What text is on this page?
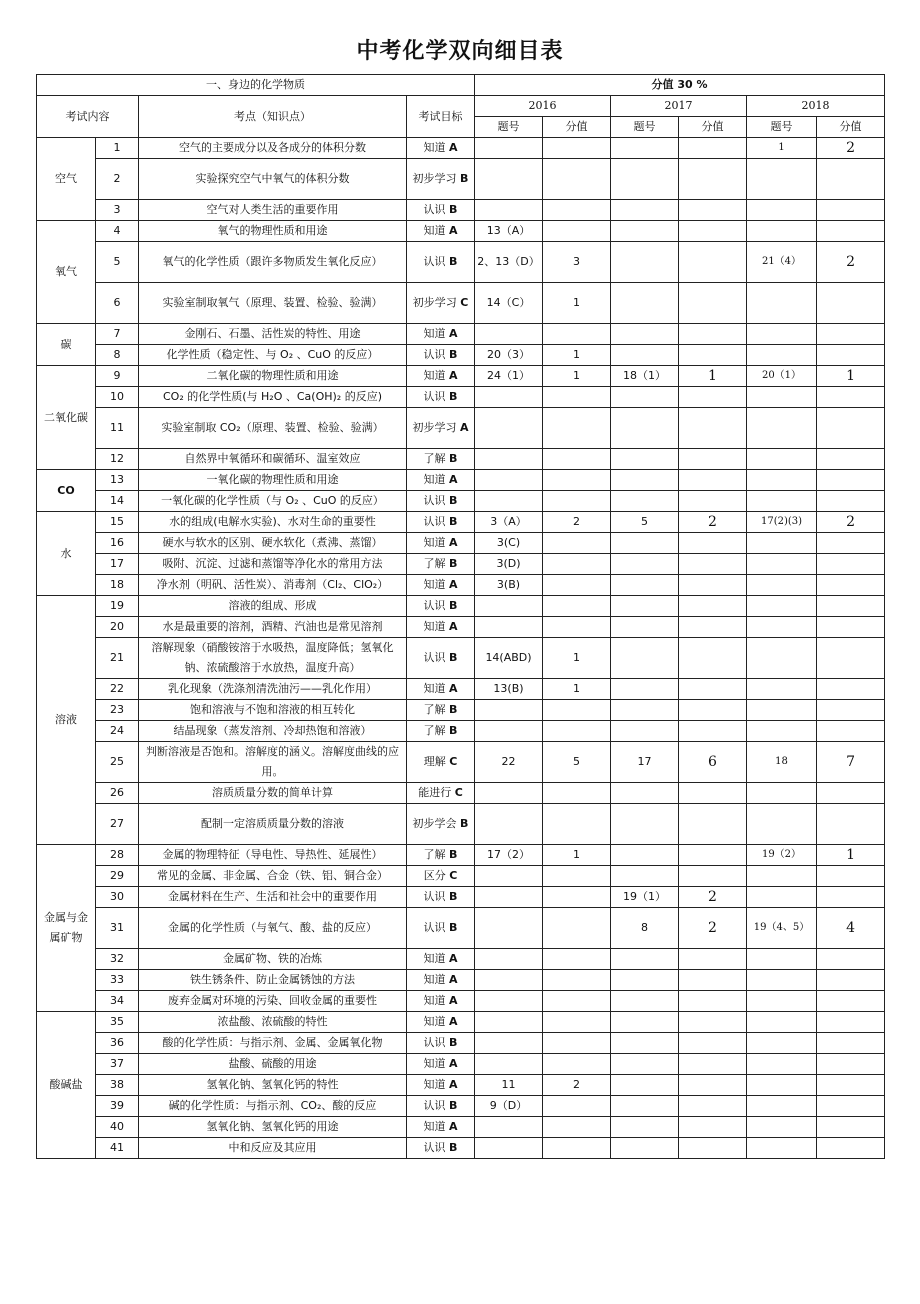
中考化学双向细目表
一、身边的化学物质				分值 30 %					
考试内容		考点（知识点）	考试目标	2016		2017		2018	
				题号	分值	题号	分值	题号	分值
空气	1	空气的主要成分以及各成分的体积分数	知道 A					1	2
	2	实验探究空气中氧气的体积分数	初步学习 B						
	3	空气对人类生活的重要作用	认识 B						
氧气	4	氧气的物理性质和用途	知道 A	13（A）					
	5	氧气的化学性质（跟许多物质发生氧化反应）	认识 B	2、13（D）	3			21（4）	2
	6	实验室制取氧气（原理、装置、检验、验满）	初步学习 C	14（C）	1				
碳	7	金刚石、石墨、活性炭的特性、用途	知道 A						
	8	化学性质（稳定性、与 O₂ 、CuO 的反应）	认识 B	20（3）	1				
二氧化碳	9	二氧化碳的物理性质和用途	知道 A	24（1）	1	18（1）	1	20（1）	1
	10	CO₂ 的化学性质(与 H₂O 、Ca(OH)₂ 的反应)	认识 B						
	11	实验室制取 CO₂（原理、装置、检验、验满）	初步学习 A						
	12	自然界中氧循环和碳循环、温室效应	了解 B						
CO	13	一氧化碳的物理性质和用途	知道 A						
	14	一氧化碳的化学性质（与 O₂ 、CuO 的反应）	认识 B						
水	15	水的组成(电解水实验)、水对生命的重要性	认识 B	3（A）	2	5	2	17(2)(3)	2
	16	硬水与软水的区别、硬水软化（煮沸、蒸馏）	知道 A	3(C)					
	17	吸附、沉淀、过滤和蒸馏等净化水的常用方法	了解 B	3(D)					
	18	净水剂（明矾、活性炭）、消毒剂（Cl₂、ClO₂）	知道 A	3(B)					
溶液	19	溶液的组成、形成	认识 B						
	20	水是最重要的溶剂，酒精、汽油也是常见溶剂	知道 A						
	21	溶解现象（硝酸铵溶于水吸热，温度降低；氢氧化钠、浓硫酸溶于水放热，温度升高）	认识 B	14(ABD)	1				
	22	乳化现象（洗涤剂清洗油污——乳化作用）	知道 A	13(B)	1				
	23	饱和溶液与不饱和溶液的相互转化	了解 B						
	24	结晶现象（蒸发溶剂、冷却热饱和溶液）	了解 B						
	25	判断溶液是否饱和。溶解度的涵义。溶解度曲线的应用。	理解 C	22	5	17	6	18	7
	26	溶质质量分数的简单计算	能进行 C						
	27	配制一定溶质质量分数的溶液	初步学会 B						
金属与金属矿物	28	金属的物理特征（导电性、导热性、延展性）	了解 B	17（2）	1			19（2）	1
	29	常见的金属、非金属、合金（铁、铝、铜合金）	区分 C						
	30	金属材料在生产、生活和社会中的重要作用	认识 B			19（1）	2		
	31	金属的化学性质（与氧气、酸、盐的反应）	认识 B			8	2	19（4、5）	4
	32	金属矿物、铁的冶炼	知道 A						
	33	铁生锈条件、防止金属锈蚀的方法	知道 A						
	34	废弃金属对环境的污染、回收金属的重要性	知道 A						
酸碱盐	35	浓盐酸、浓硫酸的特性	知道 A						
	36	酸的化学性质：与指示剂、金属、金属氧化物	认识 B						
	37	盐酸、硫酸的用途	知道 A						
	38	氢氧化钠、氢氧化钙的特性	知道 A	11	2				
	39	碱的化学性质：与指示剂、CO₂、酸的反应	认识 B	9（D）					
	40	氢氧化钠、氢氧化钙的用途	知道 A						
	41	中和反应及其应用	认识 B						
